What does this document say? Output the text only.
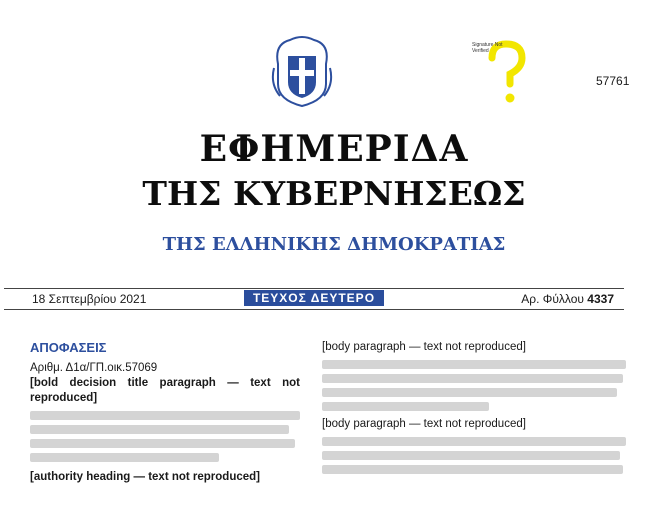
Signature Not
Verified
57761
ΕΦΗΜΕΡΙΔΑ
ΤΗΣ ΚΥΒΕΡΝΗΣΕΩΣ
ΤΗΣ ΕΛΛΗΝΙΚΗΣ ΔΗΜΟΚΡΑΤΙΑΣ
18 Σεπτεμβρίου 2021	ΤΕΥΧΟΣ ΔΕΥΤΕΡΟ	Αρ. Φύλλου 4337
ΑΠΟΦΑΣΕΙΣ
Αριθμ. Δ1α/ΓΠ.οικ.57069
[bold decision title paragraph — text not reproduced]
[authority heading — text not reproduced]
[body paragraph — text not reproduced]
[body paragraph — text not reproduced]
